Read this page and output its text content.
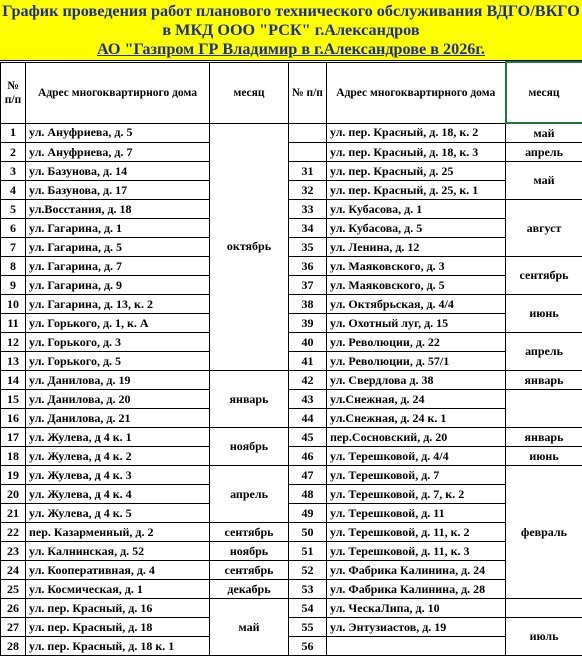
График проведения работ планового технического обслуживания ВДГО/ВКГО
в МКД ООО "РСК" г.Александров
АО "Газпром ГР Владимир в г.Александрове в 2026г.
№ п/п	Адрес многоквартирного дома	месяц	№ п/п	Адрес многоквартирного дома	месяц
1	ул. Ануфриева, д. 5	октябрь		ул. пер. Красный, д. 18, к. 2	май
2	ул. Ануфриева, д. 7			ул. пер. Красный, д. 18, к. 3	апрель
3	ул. Базунова, д. 14		31	ул. пер. Красный, д. 25	май
4	ул. Базунова, д. 17		32	ул. пер. Красный, д. 25, к. 1	
5	ул.Восстания, д. 18		33	ул. Кубасова, д. 1	август
6	ул. Гагарина, д. 1		34	ул. Кубасова, д. 5	
7	ул. Гагарина, д. 5		35	ул. Ленина, д. 12	
8	ул. Гагарина, д. 7		36	ул. Маяковского, д. 3	сентябрь
9	ул. Гагарина, д. 9		37	ул. Маяковского, д. 5	
10	ул. Гагарина, д. 13, к. 2		38	ул. Октябрьская, д. 4/4	июнь
11	ул. Горького, д. 1, к. А		39	ул. Охотный луг, д. 15	
12	ул. Горького, д. 3		40	ул. Революции, д. 22	апрель
13	ул. Горького, д. 5		41	ул. Революции, д. 57/1	
14	ул. Данилова, д. 19	январь	42	ул. Свердлова д. 38	январь
15	ул. Данилова, д. 20		43	ул.Снежная, д. 24	
16	ул. Данилова, д. 21		44	ул.Снежная, д. 24 к. 1	
17	ул. Жулева, д 4 к. 1	ноябрь	45	пер.Сосновский, д. 20	январь
18	ул. Жулева, д 4 к. 2		46	ул. Терешковой, д. 4/4	июнь
19	ул. Жулева, д 4 к. 3	апрель	47	ул. Терешковой, д. 7	февраль
20	ул. Жулева, д 4 к. 4		48	ул. Терешковой, д. 7, к. 2	
21	ул. Жулева, д 4 к. 5		49	ул. Терешковой, д. 11	
22	пер. Казарменный, д. 2	сентябрь	50	ул. Терешковой, д. 11, к. 2	
23	ул. Калнинская, д. 52	ноябрь	51	ул. Терешковой, д. 11, к. 3	
24	ул. Кооперативная, д. 4	сентябрь	52	ул. Фабрика Калинина, д. 24	
25	ул. Космическая, д. 1	декабрь	53	ул. Фабрика Калинина, д. 28	
26	ул. пер. Красный, д. 16	май	54	ул. ЧескаЛипа, д. 10	
27	ул. пер. Красный, д. 18		55	ул. Энтузиастов, д. 19	июль
28	ул. пер. Красный, д. 18 к. 1		56		
